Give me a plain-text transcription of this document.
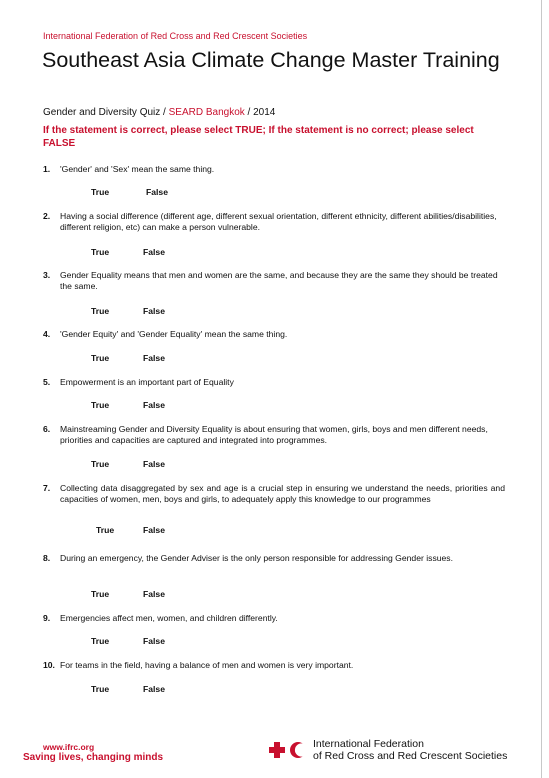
International Federation of Red Cross and Red Crescent Societies
Southeast Asia Climate Change Master Training
Gender and Diversity Quiz / SEARD Bangkok / 2014
If the statement is correct, please select TRUE; If the statement is no correct; please select FALSE
1. 'Gender' and 'Sex' mean the same thing.
True	False
2. Having a social difference (different age, different sexual orientation, different ethnicity, different abilities/disabilities, different religion, etc) can make a person vulnerable.
True	False
3. Gender Equality means that men and women are the same, and because they are the same they should be treated the same.
True	False
4. 'Gender Equity' and 'Gender Equality' mean the same thing.
True	False
5. Empowerment is an important part of Equality
True	False
6. Mainstreaming Gender and Diversity Equality is about ensuring that women, girls, boys and men different needs, priorities and capacities are captured and integrated into programmes.
True	False
7. Collecting data disaggregated by sex and age is a crucial step in ensuring we understand the needs, priorities and capacities of women, men, boys and girls, to adequately apply this knowledge to our programmes
True	False
8. During an emergency, the Gender Adviser is the only person responsible for addressing Gender issues.
True	False
9. Emergencies affect men, women, and children differently.
True	False
10. For teams in the field, having a balance of men and women is very important.
True	False
www.ifrc.org
Saving lives, changing minds
International Federation
of Red Cross and Red Crescent Societies
